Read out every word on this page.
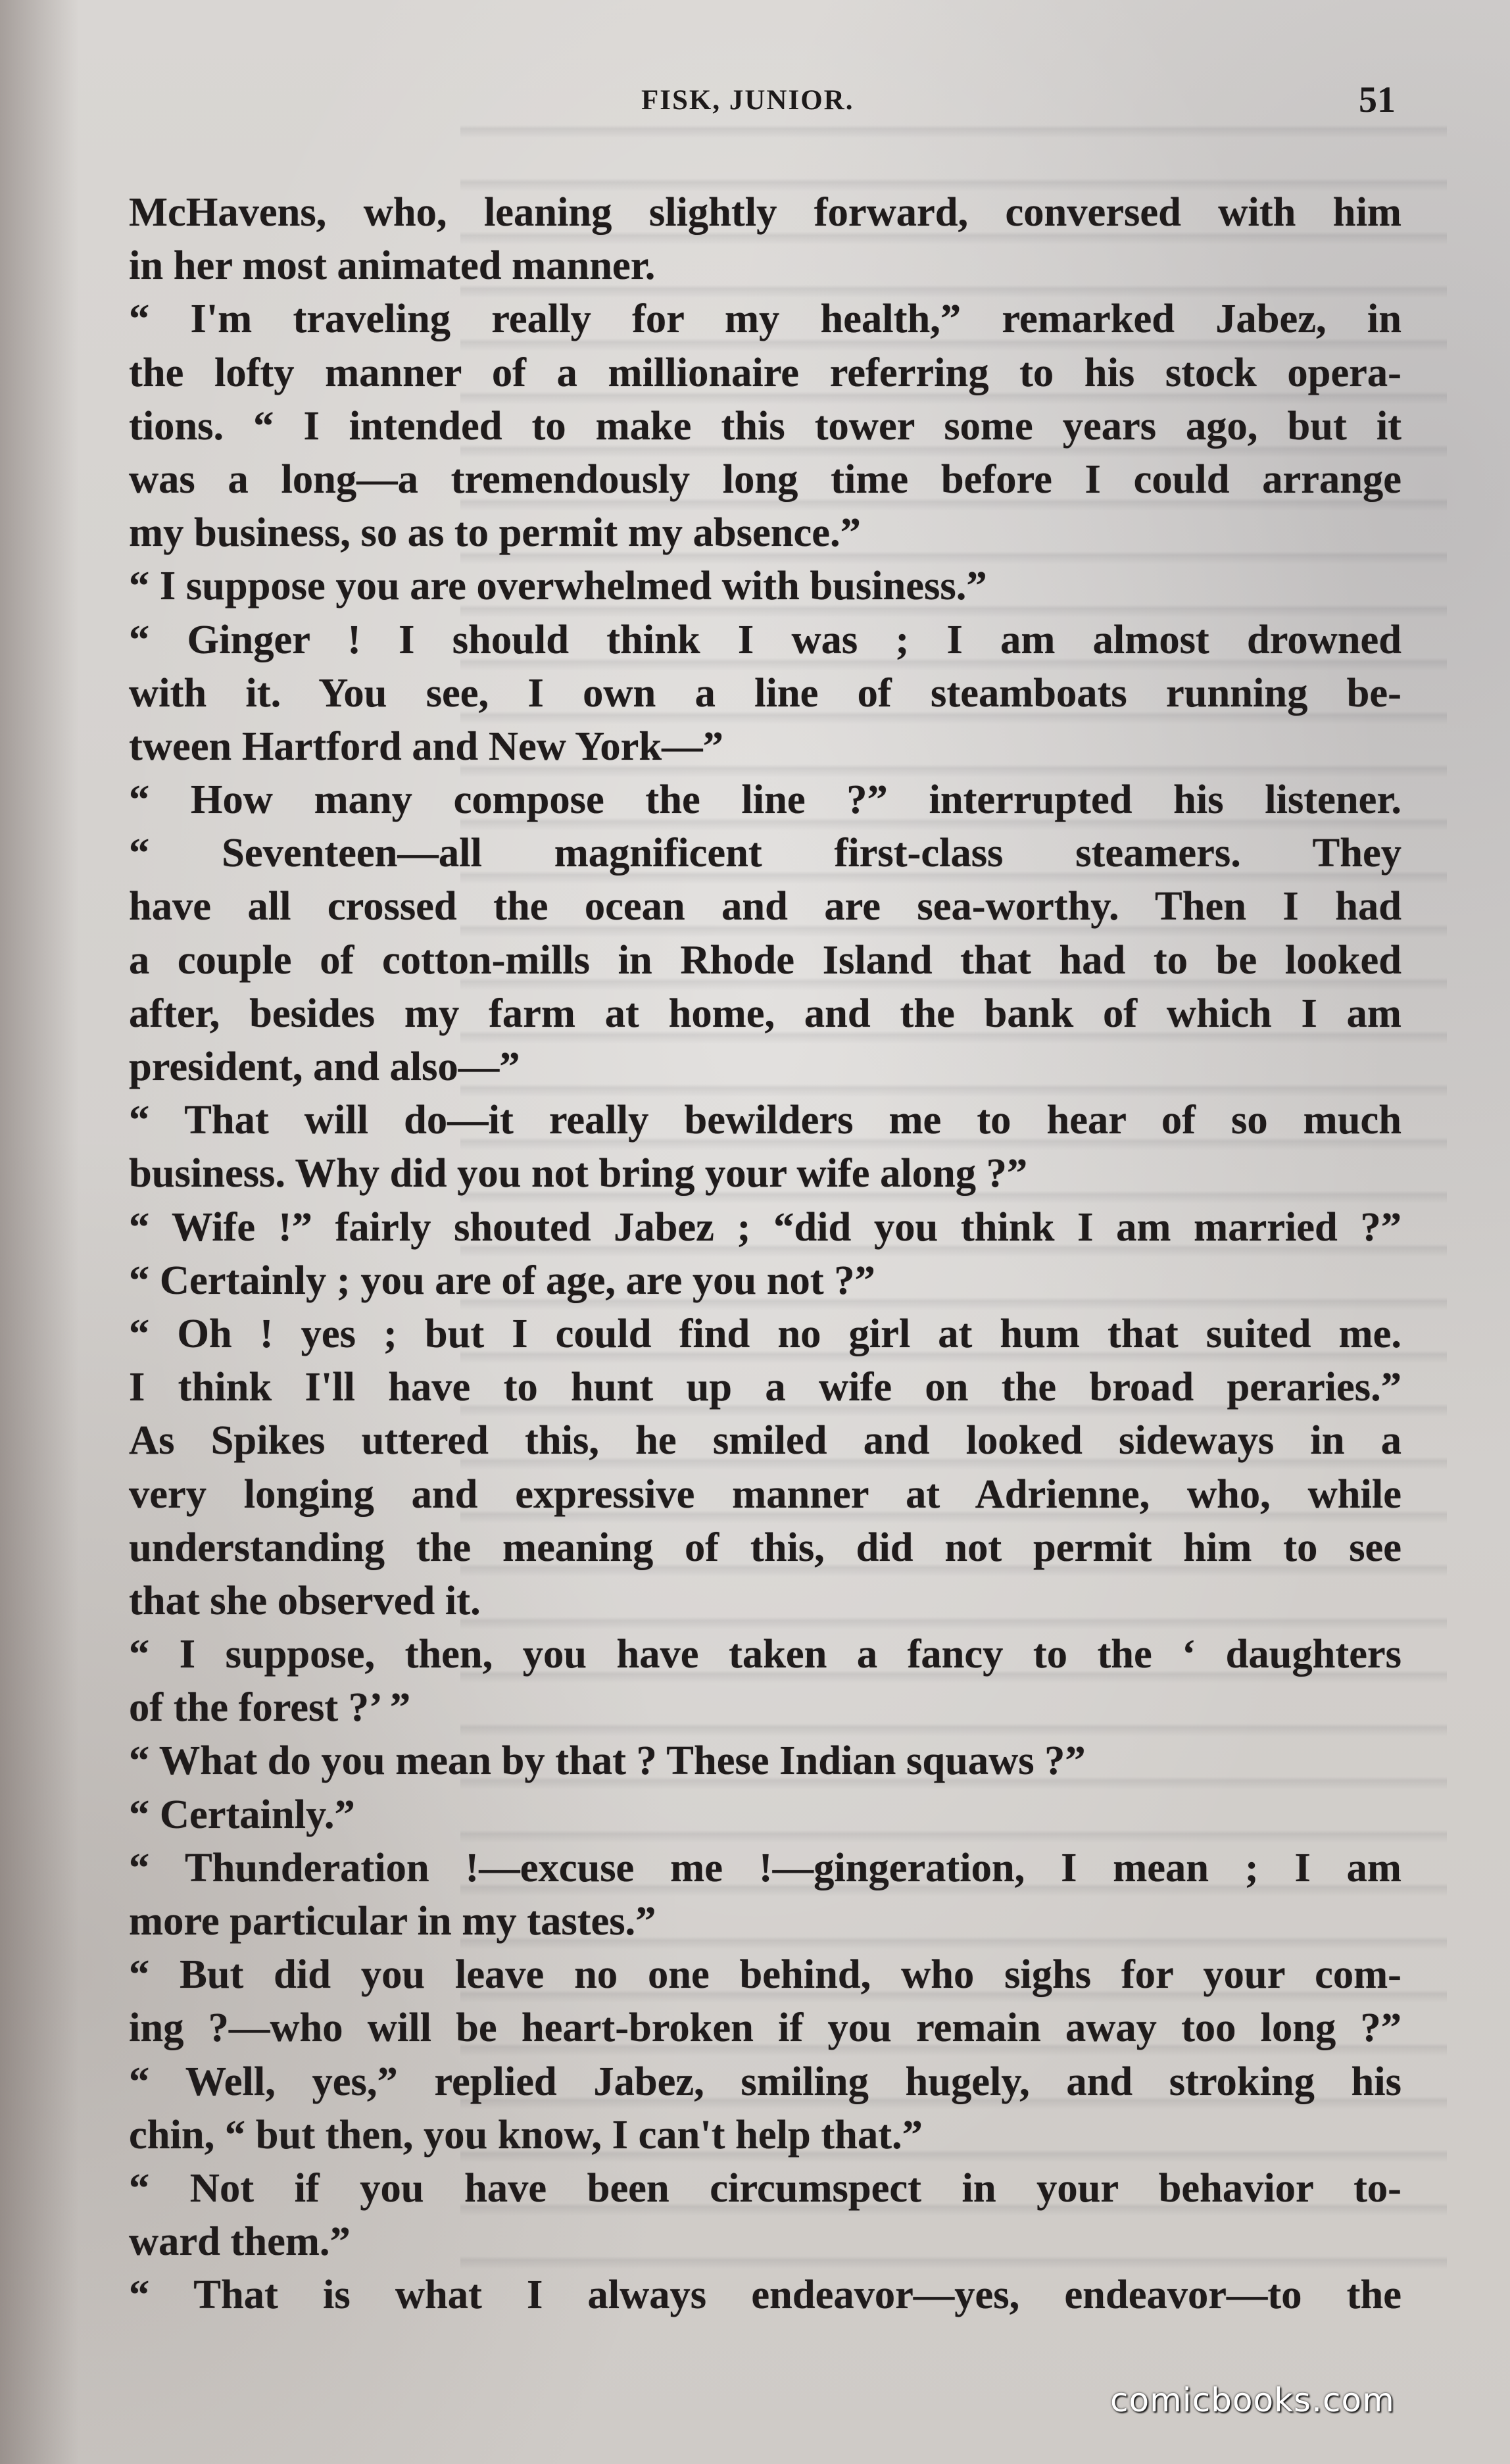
FISK, JUNIOR.	51
McHavens, who, leaning slightly forward, conversed with him
in her most animated manner.
“ I'm traveling really for my health,” remarked Jabez, in
the lofty manner of a millionaire referring to his stock opera-
tions. “ I intended to make this tower some years ago, but it
was a long—a tremendously long time before I could arrange
my business, so as to permit my absence.”
“ I suppose you are overwhelmed with business.”
“ Ginger ! I should think I was ; I am almost drowned
with it. You see, I own a line of steamboats running be-
tween Hartford and New York—”
“ How many compose the line ?” interrupted his listener.
“ Seventeen—all magnificent first-class steamers. They
have all crossed the ocean and are sea-worthy. Then I had
a couple of cotton-mills in Rhode Island that had to be looked
after, besides my farm at home, and the bank of which I am
president, and also—”
“ That will do—it really bewilders me to hear of so much
business. Why did you not bring your wife along ?”
“ Wife !” fairly shouted Jabez ; “did you think I am married ?”
“ Certainly ; you are of age, are you not ?”
“ Oh ! yes ; but I could find no girl at hum that suited me.
I think I'll have to hunt up a wife on the broad peraries.”
As Spikes uttered this, he smiled and looked sideways in a
very longing and expressive manner at Adrienne, who, while
understanding the meaning of this, did not permit him to see
that she observed it.
“ I suppose, then, you have taken a fancy to the ‘ daughters
of the forest ?’ ”
“ What do you mean by that ? These Indian squaws ?”
“ Certainly.”
“ Thunderation !—excuse me !—gingeration, I mean ; I am
more particular in my tastes.”
“ But did you leave no one behind, who sighs for your com-
ing ?—who will be heart-broken if you remain away too long ?”
“ Well, yes,” replied Jabez, smiling hugely, and stroking his
chin, “ but then, you know, I can't help that.”
“ Not if you have been circumspect in your behavior to-
ward them.”
“ That is what I always endeavor—yes, endeavor—to the
comicbooks.com
